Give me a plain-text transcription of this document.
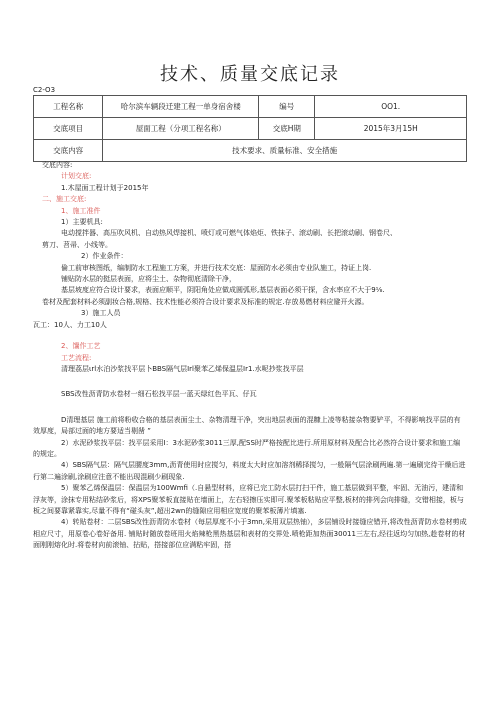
技术、质量交底记录
C2-O3
工程名称	哈尔滨车辆段迁建工程一单身宿舍楼	编号	OO1.
交底项目	屋面工程（分项工程名称）	交底H期	2015年3月15H
交底内容	技术要求、质量标准、安全措施		

交底内容:

计划交底:

1.木屋面工程计划于2015年

二、施工交底:

1、施工准件

1）主要机具:

电动搅拌器、高压吹风机、自动热风焊接机、喷灯或可燃气体焰炬、铁抹子、滚动刷、长把滚动刷、钢卷尺、

剪刀、苕帚、小线等。

2）作业条件：

倫工前审核图纸，编制防水工程施工方案，并进行技术交底：屋面防水必须由专业队施工，持证上岗.

铺贴防水层的挺层表面，应将尘土、杂物彻底清除干净，

基层坡度应符合设计要求，表面应顺平，阴阳角处应做成圆弧形,基层表面必须干探，含水率应不大于9⅛.

卷材及配套材料必须副妆合格,规格、技术性能必须符合设计要求及标准的规定.存放易燃材料应避开火源。

3）施工人员

瓦工：10人、力工10人

2、馕作工艺

工艺流程:

清理荔层ιrl水泊沙浆找平层卜BBS隔气层Irl聚苯乙烯保温层Ir1.水呢抄浆找平层

SBS改性沥青防水卷材一细石松找平层一蓝天绿红色平瓦、仔瓦

D清理基层 施工前将粉收合格的基层表面尘土、杂物清理干净，突出地层表面的混糠上凌等粘接杂物要铲平，不得影响找平层的有效厚度，局部过面的地方要适当剔凿 ”

2）水泥砂浆找平层：找平层采用I：3水泥砂浆3011三厚,配SS时严格按配比进行.所用原材料及配合比必然符合设计要求和施工编的规定。

4）SBS隔气层：隔气层腰度3mm,沥青使用时应搅匀，料度太大时应加溶剂稀择搅匀，一般隔气层涂刷两遍.第一遍刷完待干燥后进行第二遍涂刷,涂刷应注意不能出现混刷少刷现象.

5）聚苯乙烯保温层：保温层为100Wmfi（.自悬型材料，应将已完工防水层打扫干件，施工基层做到平整，牢固、无油污，建清和浮灰等，涂抹专用粘结砂浆后，将XPS聚苯板直接贴在墙面上，左右轻擦压实即可.聚苯板粘贴应平整,板材的排列会向排缝，交错相接，板与板之间要靠紧靠实,尽量不得有“碰头灰”,超出2wn的缝隙应用相应宽度的聚苯板薄片填塞.

4）转贴卷材：二层SBS改性沥青防水卷材（每层厚度不小于3mn,采用双层热铀），多层铺设时接缝应错开,将改性沥青防水卷材剪成相应尺寸，用原卷心卷好备用. 铺贴时随放卷班用火焰辣枪黑热基层和表材的交界处.喷枪距加热面30011三左右,经往返均匀加热,趁卷材的材面刚刚熔化时.将卷材向前滚铀、拈贴，搭接部位应满粘牢固，搭
